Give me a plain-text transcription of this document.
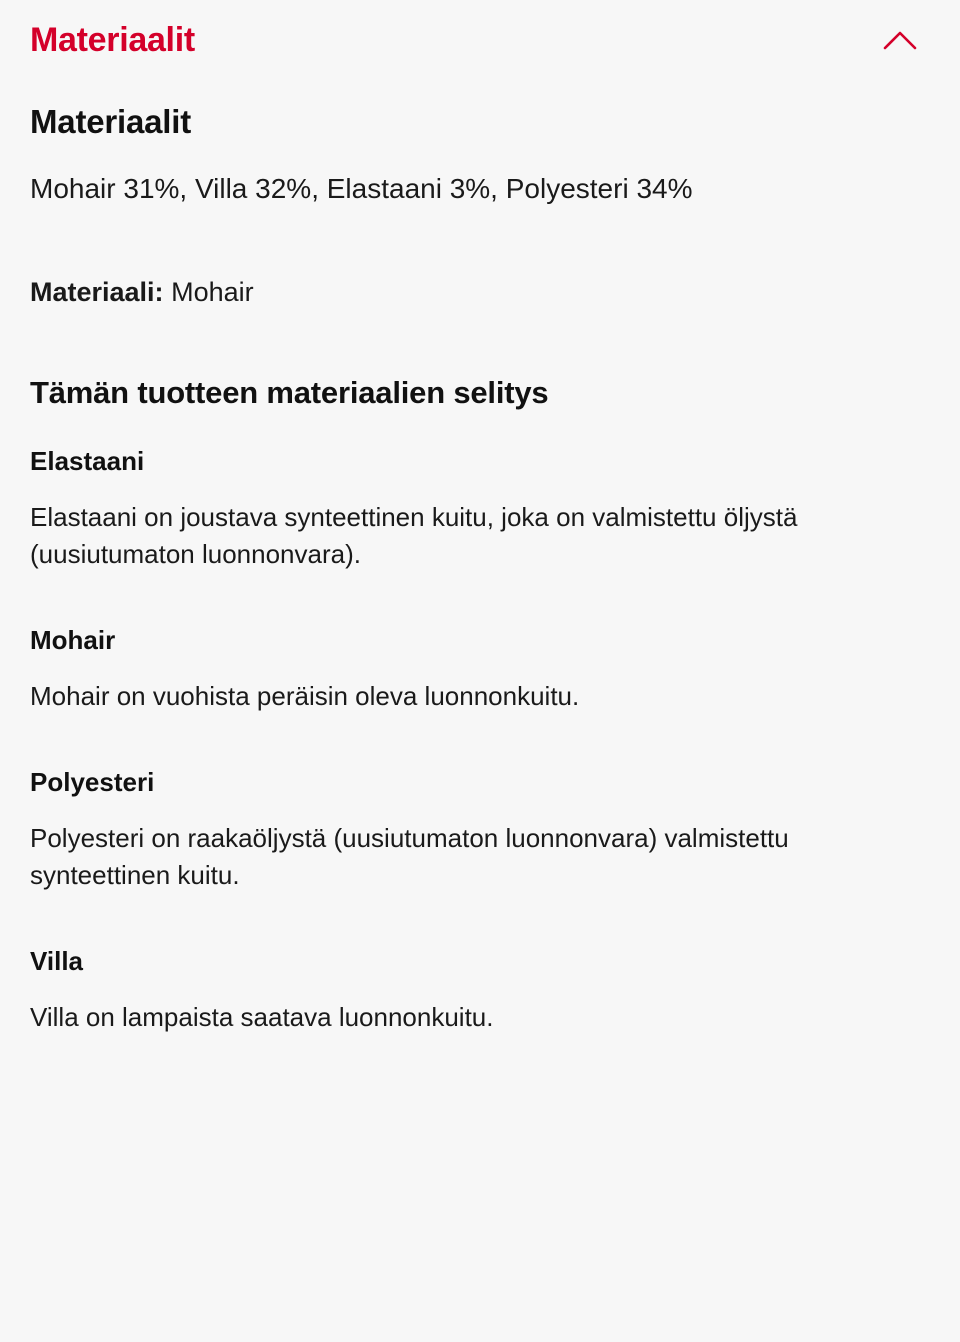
Materiaalit
Materiaalit

Mohair 31%, Villa 32%, Elastaani 3%, Polyesteri 34%

Materiaali: Mohair

Tämän tuotteen materiaalien selitys
Elastaani

Elastaani on joustava synteettinen kuitu, joka on valmistettu öljystä (uusiutumaton luonnonvara).

Mohair

Mohair on vuohista peräisin oleva luonnonkuitu.

Polyesteri

Polyesteri on raakaöljystä (uusiutumaton luonnonvara) valmistettu synteettinen kuitu.

Villa

Villa on lampaista saatava luonnonkuitu.
